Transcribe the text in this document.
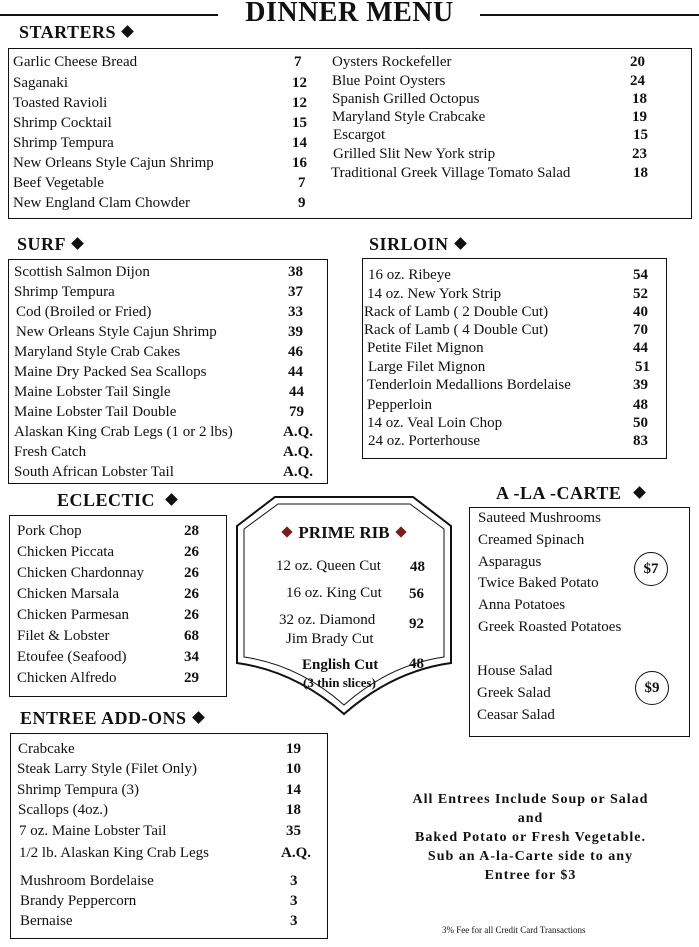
DINNER MENU
STARTERS
Garlic Cheese Bread	7
Saganaki	12
Toasted Ravioli	12
Shrimp Cocktail	15
Shrimp Tempura	14
New Orleans Style Cajun Shrimp	16
Beef Vegetable	7
New England Clam Chowder	9
Oysters Rockefeller	20
Blue Point Oysters	24
Spanish Grilled Octopus	18
Maryland Style Crabcake	19
Escargot	15
Grilled Slit New York strip	23
Traditional Greek Village Tomato Salad	18
SURF
Scottish Salmon Dijon	38
Shrimp Tempura	37
Cod (Broiled or Fried)	33
New Orleans Style Cajun Shrimp	39
Maryland Style Crab Cakes	46
Maine Dry Packed Sea Scallops	44
Maine Lobster Tail Single	44
Maine Lobster Tail Double	79
Alaskan King Crab Legs (1 or 2 lbs)	A.Q.
Fresh Catch	A.Q.
South African Lobster Tail	A.Q.
SIRLOIN
16 oz. Ribeye	54
14 oz. New York Strip	52
Rack of Lamb ( 2 Double Cut)	40
Rack of Lamb ( 4 Double Cut)	70
Petite Filet Mignon	44
Large Filet Mignon	51
Tenderloin Medallions Bordelaise	39
Pepperloin	48
14 oz. Veal Loin Chop	50
24 oz. Porterhouse	83
ECLECTIC
Pork Chop	28
Chicken Piccata	26
Chicken Chardonnay	26
Chicken Marsala	26
Chicken Parmesan	26
Filet & Lobster	68
Etoufee (Seafood)	34
Chicken Alfredo	29
PRIME RIB
12 oz. Queen Cut 48
16 oz. King Cut 56
32 oz. Diamond
Jim Brady Cut
92
English Cut
(3 thin slices)
48
A -LA -CARTE
Sauteed Mushrooms
Creamed Spinach
Asparagus
Twice Baked Potato
Anna Potatoes
Greek Roasted Potatoes
$7
House Salad
Greek Salad
Ceasar Salad
$9
ENTREE ADD-ONS
Crabcake	19
Steak Larry Style (Filet Only)	10
Shrimp Tempura (3)	14
Scallops (4oz.)	18
7 oz. Maine Lobster Tail	35
1/2 lb. Alaskan King Crab Legs	A.Q.
Mushroom Bordelaise	3
Brandy Peppercorn	3
Bernaise	3
All Entrees Include Soup or Salad
and
Baked Potato or Fresh Vegetable.
Sub an A-la-Carte side to any
Entree for $3
3% Fee for all Credit Card Transactions
